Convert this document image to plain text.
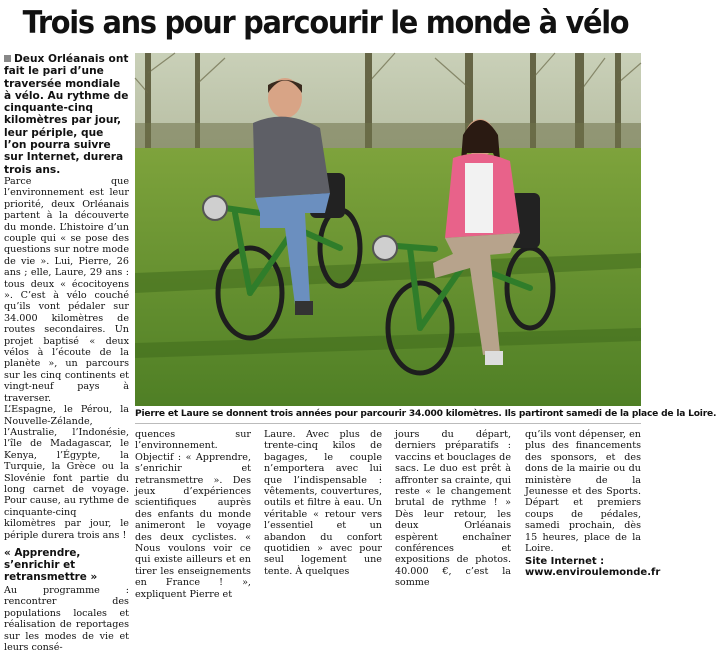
Trois ans pour parcourir le monde à vélo

Deux Orléanais ont fait le pari d’une traversée mondiale à vélo. Au rythme de cinquante-cinq kilomètres par jour, leur périple, que l’on pourra suivre sur Internet, durera trois ans.

Parce que l’environnement est leur priorité, deux Orléanais partent à la découverte du monde. L’histoire d’un couple qui « se pose des questions sur notre mode de vie ». Lui, Pierre, 26 ans ; elle, Laure, 29 ans : tous deux « écocitoyens ». C’est à vélo couché qu’ils vont pédaler sur 34.000 kilomètres de routes secondaires. Un projet baptisé « deux vélos à l’écoute de la planète », un parcours sur les cinq continents et vingt-neuf pays à traverser.

L’Espagne, le Pérou, la Nouvelle-Zélande, l’Australie, l’Indonésie, l’île de Madagascar, le Kenya, l’Égypte, la Turquie, la Grèce ou la Slovénie font partie du long carnet de voyage. Pour cause, au rythme de cinquante-cinq kilomètres par jour, le périple durera trois ans !

« Apprendre, s’enrichir et retransmettre »

Au programme : rencontrer des populations locales et réalisation de reportages sur les modes de vie et leurs consé-

Pierre et Laure se donnent trois années pour parcourir 34.000 kilomètres. Ils partiront samedi de la place de la Loire.

quences sur l’environnement. Objectif : « Apprendre, s’enrichir et retransmettre ». Des jeux d’expériences scientifiques auprès des enfants du monde animeront le voyage des deux cyclistes. « Nous voulons voir ce qui existe ailleurs et en tirer les enseignements en France ! », expliquent Pierre et

Laure. Avec plus de trente-cinq kilos de bagages, le couple n’emportera avec lui que l’indispensable : vêtements, couvertures, outils et filtre à eau. Un véritable « retour vers l’essentiel et un abandon du confort quotidien » avec pour seul logement une tente. À quelques

jours du départ, derniers préparatifs : vaccins et bouclages de sacs. Le duo est prêt à affronter sa crainte, qui reste « le changement brutal de rythme ! » Dès leur retour, les deux Orléanais espèrent enchaîner conférences et expositions de photos. 40.000 €, c’est la somme

qu’ils vont dépenser, en plus des financements des sponsors, et des dons de la mairie ou du ministère de la Jeunesse et des Sports. Départ et premiers coups de pédales, samedi prochain, dès 15 heures, place de la Loire.

Site Internet :
www.enviroulemonde.fr
